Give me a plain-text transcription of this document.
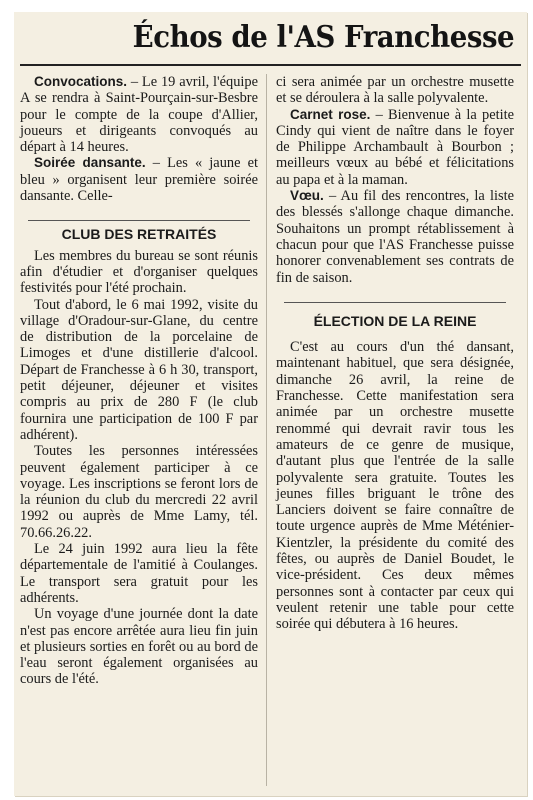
Échos de l'AS Franchesse

Convocations. – Le 19 avril, l'équipe A se rendra à Saint-Pourçain-sur-Besbre pour le compte de la coupe d'Allier, joueurs et dirigeants convoqués au départ à 14 heures.

Soirée dansante. – Les « jaune et bleu » organisent leur première soirée dansante. Celle-

CLUB DES RETRAITÉS

Les membres du bureau se sont réunis afin d'étudier et d'organiser quelques festivités pour l'été prochain.

Tout d'abord, le 6 mai 1992, visite du village d'Oradour-sur-Glane, du centre de distribution de la porcelaine de Limoges et d'une distillerie d'alcool. Départ de Franchesse à 6 h 30, transport, petit déjeuner, déjeuner et visites compris au prix de 280 F (le club fournira une participation de 100 F par adhérent).

Toutes les personnes intéressées peuvent également participer à ce voyage. Les inscriptions se feront lors de la réunion du club du mercredi 22 avril 1992 ou auprès de Mme Lamy, tél. 70.66.26.22.

Le 24 juin 1992 aura lieu la fête départementale de l'amitié à Coulanges. Le transport sera gratuit pour les adhérents.

Un voyage d'une journée dont la date n'est pas encore arrêtée aura lieu fin juin et plusieurs sorties en forêt ou au bord de l'eau seront également organisées au cours de l'été.

ci sera animée par un orchestre musette et se déroulera à la salle polyvalente.

Carnet rose. – Bienvenue à la petite Cindy qui vient de naître dans le foyer de Philippe Archambault à Bourbon ; meilleurs vœux au bébé et félicitations au papa et à la maman.

Vœu. – Au fil des rencontres, la liste des blessés s'allonge chaque dimanche. Souhaitons un prompt rétablissement à chacun pour que l'AS Franchesse puisse honorer convenablement ses contrats de fin de saison.

ÉLECTION DE LA REINE

C'est au cours d'un thé dansant, maintenant habituel, que sera désignée, dimanche 26 avril, la reine de Franchesse. Cette manifestation sera animée par un orchestre musette renommé qui devrait ravir tous les amateurs de ce genre de musique, d'autant plus que l'entrée de la salle polyvalente sera gratuite. Toutes les jeunes filles briguant le trône des Lanciers doivent se faire connaître de toute urgence auprès de Mme Méténier-Kientzler, la présidente du comité des fêtes, ou auprès de Daniel Boudet, le vice-président. Ces deux mêmes personnes sont à contacter par ceux qui veulent retenir une table pour cette soirée qui débutera à 16 heures.
